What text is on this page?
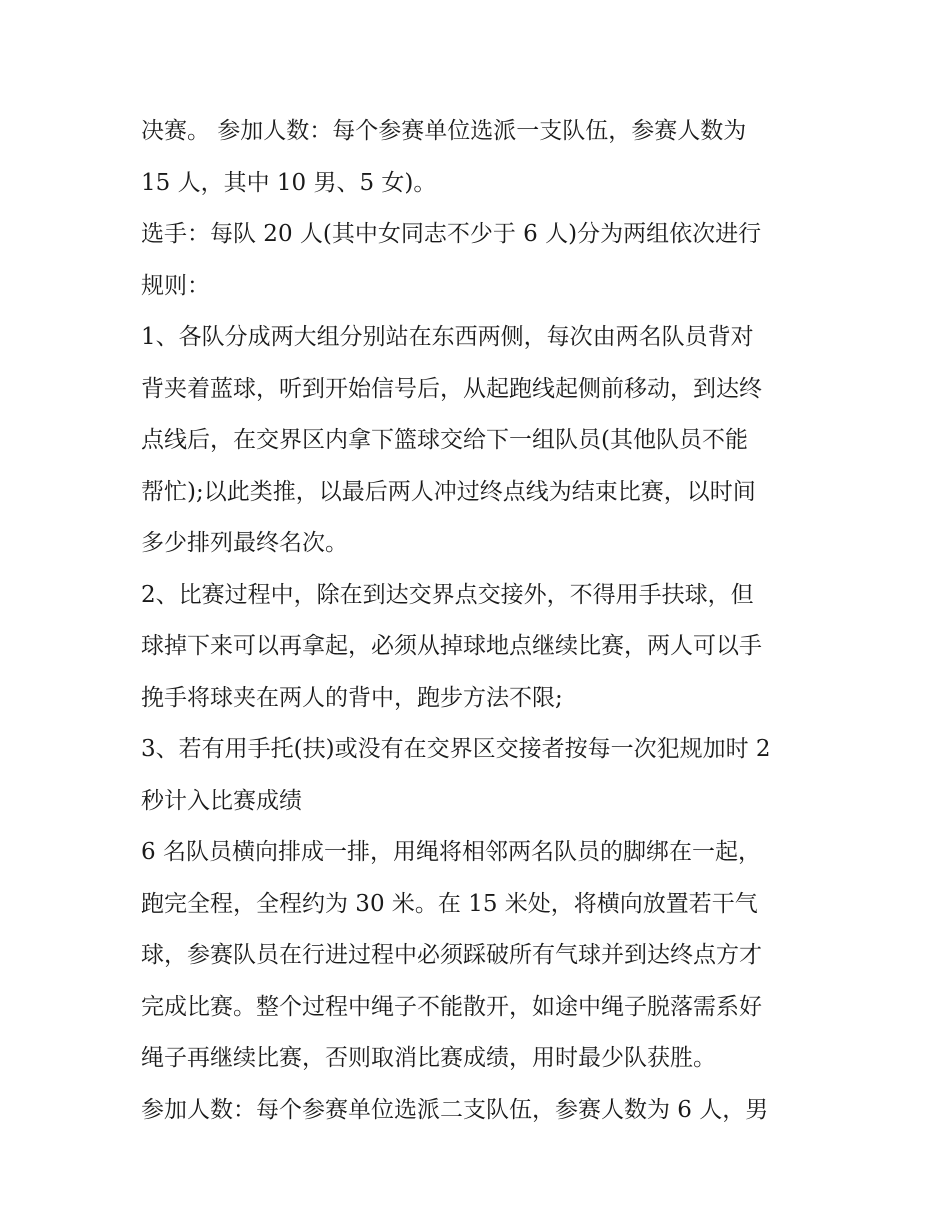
决赛。 参加人数：每个参赛单位选派一支队伍，参赛人数为
15 人，其中 10 男、5 女)。
选手：每队 20 人(其中女同志不少于 6 人)分为两组依次进行
规则：
1、各队分成两大组分别站在东西两侧，每次由两名队员背对
背夹着蓝球，听到开始信号后，从起跑线起侧前移动，到达终
点线后，在交界区内拿下篮球交给下一组队员(其他队员不能
帮忙);以此类推，以最后两人冲过终点线为结束比赛，以时间
多少排列最终名次。
2、比赛过程中，除在到达交界点交接外，不得用手扶球，但
球掉下来可以再拿起，必须从掉球地点继续比赛，两人可以手
挽手将球夹在两人的背中，跑步方法不限;
3、若有用手托(扶)或没有在交界区交接者按每一次犯规加时 2
秒计入比赛成绩
6 名队员横向排成一排，用绳将相邻两名队员的脚绑在一起，
跑完全程，全程约为 30 米。在 15 米处，将横向放置若干气
球，参赛队员在行进过程中必须踩破所有气球并到达终点方才
完成比赛。整个过程中绳子不能散开，如途中绳子脱落需系好
绳子再继续比赛，否则取消比赛成绩，用时最少队获胜。
参加人数：每个参赛单位选派二支队伍，参赛人数为 6 人，男
